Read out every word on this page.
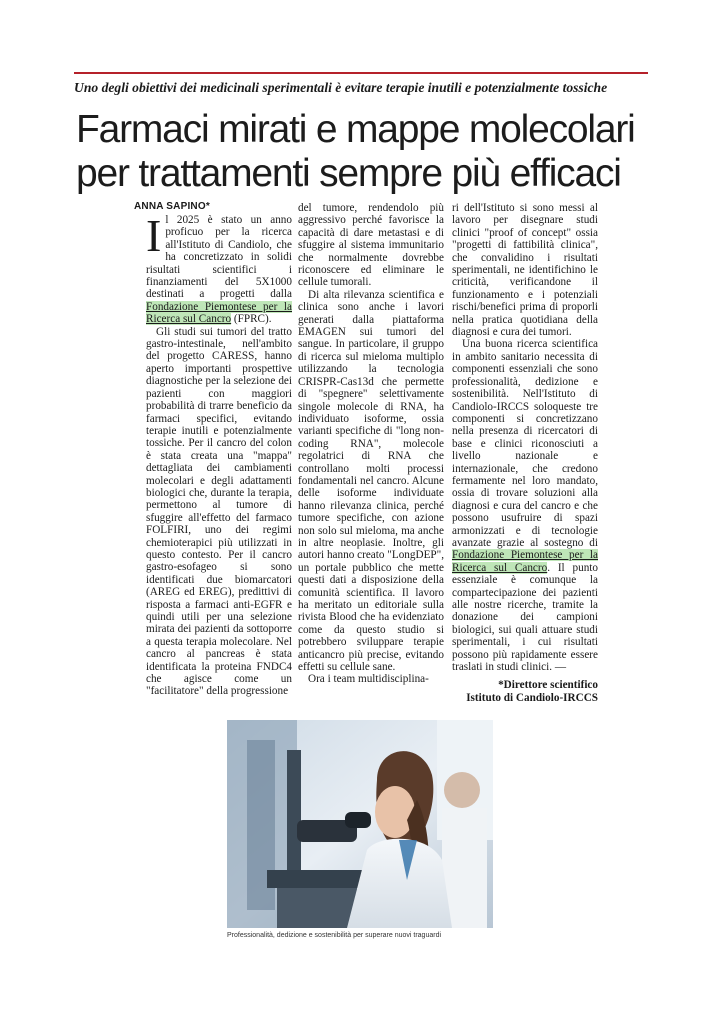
Uno degli obiettivi dei medicinali sperimentali è evitare terapie inutili e potenzialmente tossiche
Farmaci mirati e mappe molecolari
per trattamenti sempre più efficaci
ANNA SAPINO*

Il 2025 è stato un anno proficuo per la ricerca all'Istituto di Candiolo, che ha concretizzato in solidi risultati scientifici i finanziamenti del 5X1000 destinati a progetti dalla Fondazione Piemontese per la Ricerca sul Cancro (FPRC).

Gli studi sui tumori del tratto gastro-intestinale, nell'ambito del progetto CARESS, hanno aperto importanti prospettive diagnostiche per la selezione dei pazienti con maggiori probabilità di trarre beneficio da farmaci specifici, evitando terapie inutili e potenzialmente tossiche. Per il cancro del colon è stata creata una "mappa" dettagliata dei cambiamenti molecolari e degli adattamenti biologici che, durante la terapia, permettono al tumore di sfuggire all'effetto del farmaco FOLFIRI, uno dei regimi chemioterapici più utilizzati in questo contesto. Per il cancro gastro-esofageo si sono identificati due biomarcatori (AREG ed EREG), predittivi di risposta a farmaci anti-EGFR e quindi utili per una selezione mirata dei pazienti da sottoporre a questa terapia molecolare. Nel cancro al pancreas è stata identificata la proteina FNDC4 che agisce come un "facilitatore" della progressione

del tumore, rendendolo più aggressivo perché favorisce la capacità di dare metastasi e di sfuggire al sistema immunitario che normalmente dovrebbe riconoscere ed eliminare le cellule tumorali.

Di alta rilevanza scientifica e clinica sono anche i lavori generati dalla piattaforma EMAGEN sui tumori del sangue. In particolare, il gruppo di ricerca sul mieloma multiplo utilizzando la tecnologia CRISPR-Cas13d che permette di "spegnere" selettivamente singole molecole di RNA, ha individuato isoforme, ossia varianti specifiche di "long non-coding RNA", molecole regolatrici di RNA che controllano molti processi fondamentali nel cancro. Alcune delle isoforme individuate hanno rilevanza clinica, perché tumore specifiche, con azione non solo sul mieloma, ma anche in altre neoplasie. Inoltre, gli autori hanno creato "LongDEP", un portale pubblico che mette questi dati a disposizione della comunità scientifica. Il lavoro ha meritato un editoriale sulla rivista Blood che ha evidenziato come da questo studio si potrebbero sviluppare terapie anticancro più precise, evitando effetti su cellule sane.

Ora i team multidisciplina-

ri dell'Istituto si sono messi al lavoro per disegnare studi clinici "proof of concept" ossia "progetti di fattibilità clinica", che convalidino i risultati sperimentali, ne identifichino le criticità, verificandone il funzionamento e i potenziali rischi/benefici prima di proporli nella pratica quotidiana della diagnosi e cura dei tumori.

Una buona ricerca scientifica in ambito sanitario necessita di componenti essenziali che sono professionalità, dedizione e sostenibilità. Nell'Istituto di Candiolo-IRCCS soloqueste tre componenti si concretizzano nella presenza di ricercatori di base e clinici riconosciuti a livello nazionale e internazionale, che credono fermamente nel loro mandato, ossia di trovare soluzioni alla diagnosi e cura del cancro e che possono usufruire di spazi armonizzati e di tecnologie avanzate grazie al sostegno di Fondazione Piemontese per la Ricerca sul Cancro. Il punto essenziale è comunque la compartecipazione dei pazienti alle nostre ricerche, tramite la donazione dei campioni biologici, sui quali attuare studi sperimentali, i cui risultati possono più rapidamente essere traslati in studi clinici. —

*Direttore scientifico
Istituto di Candiolo-IRCCS
Professionalità, dedizione e sostenibilità per superare nuovi traguardi
